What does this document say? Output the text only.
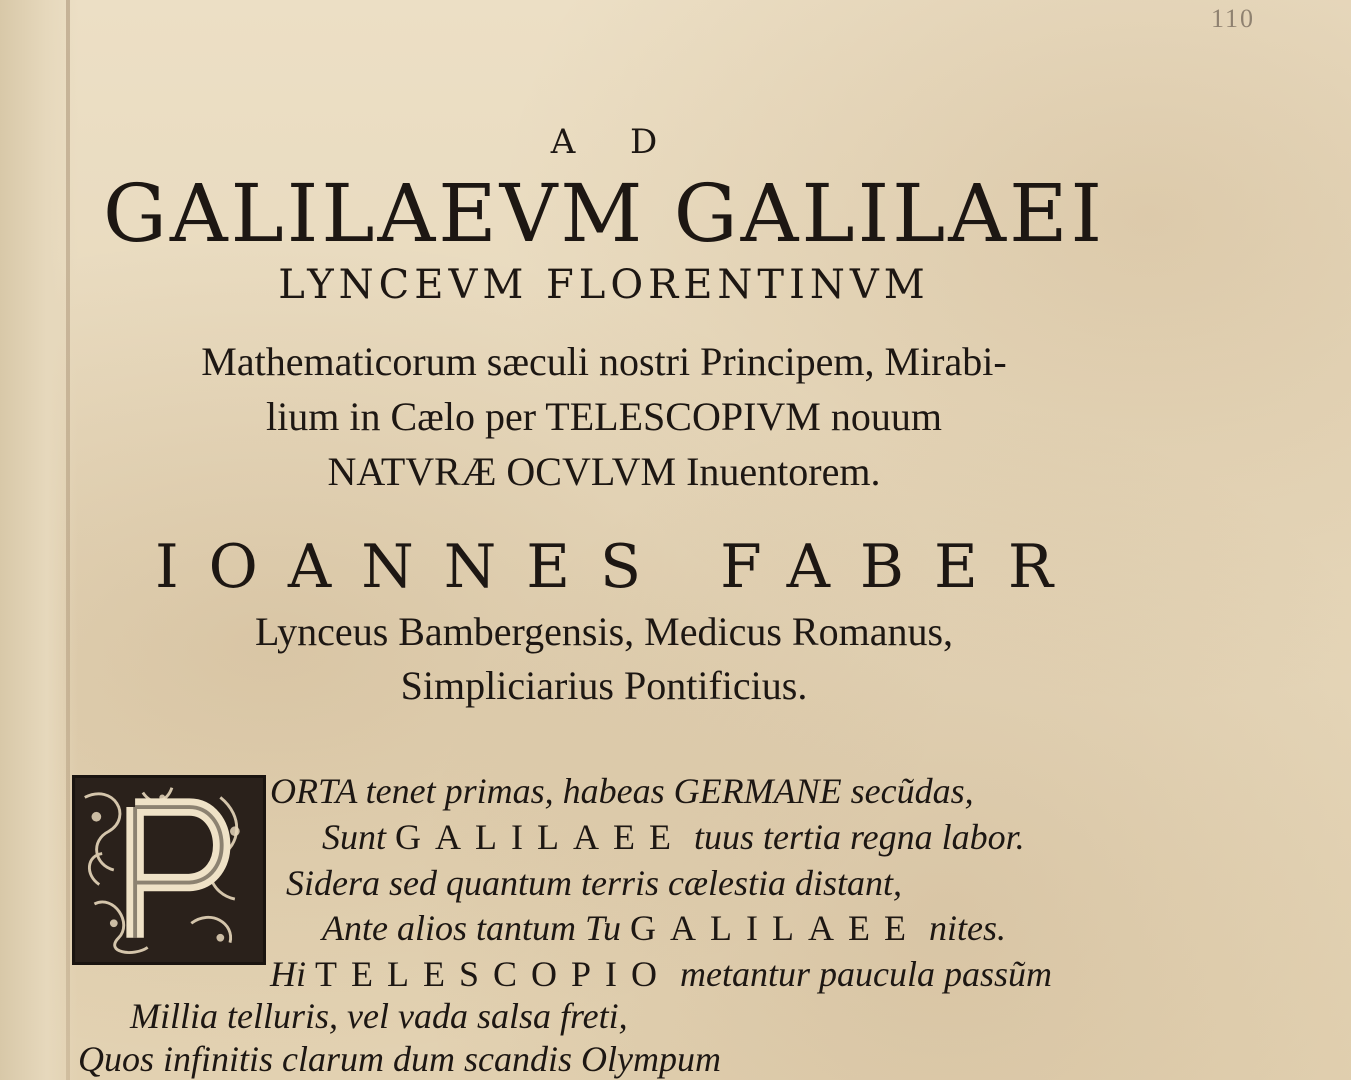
110

A D

GALILAEVM GALILAEI

LYNCEVM FLORENTINVM

Mathematicorum sæculi nostri Principem, Mirabi-

lium in Cælo per TELESCOPIVM nouum

NATVRÆ OCVLVM Inuentorem.

IOANNES FABER

Lynceus Bambergensis, Medicus Romanus,

Simpliciarius Pontificius.

ORTA tenet primas, habeas GERMANE secũdas,

Sunt GALILAEE tuus tertia regna labor.

Sidera sed quantum terris cælestia distant,

Ante alios tantum Tu GALILAEE nites.

Hi TELESCOPIO metantur paucula passũm

Millia telluris, vel vada salsa freti,

Quos infinitis clarum dum scandis Olympum
